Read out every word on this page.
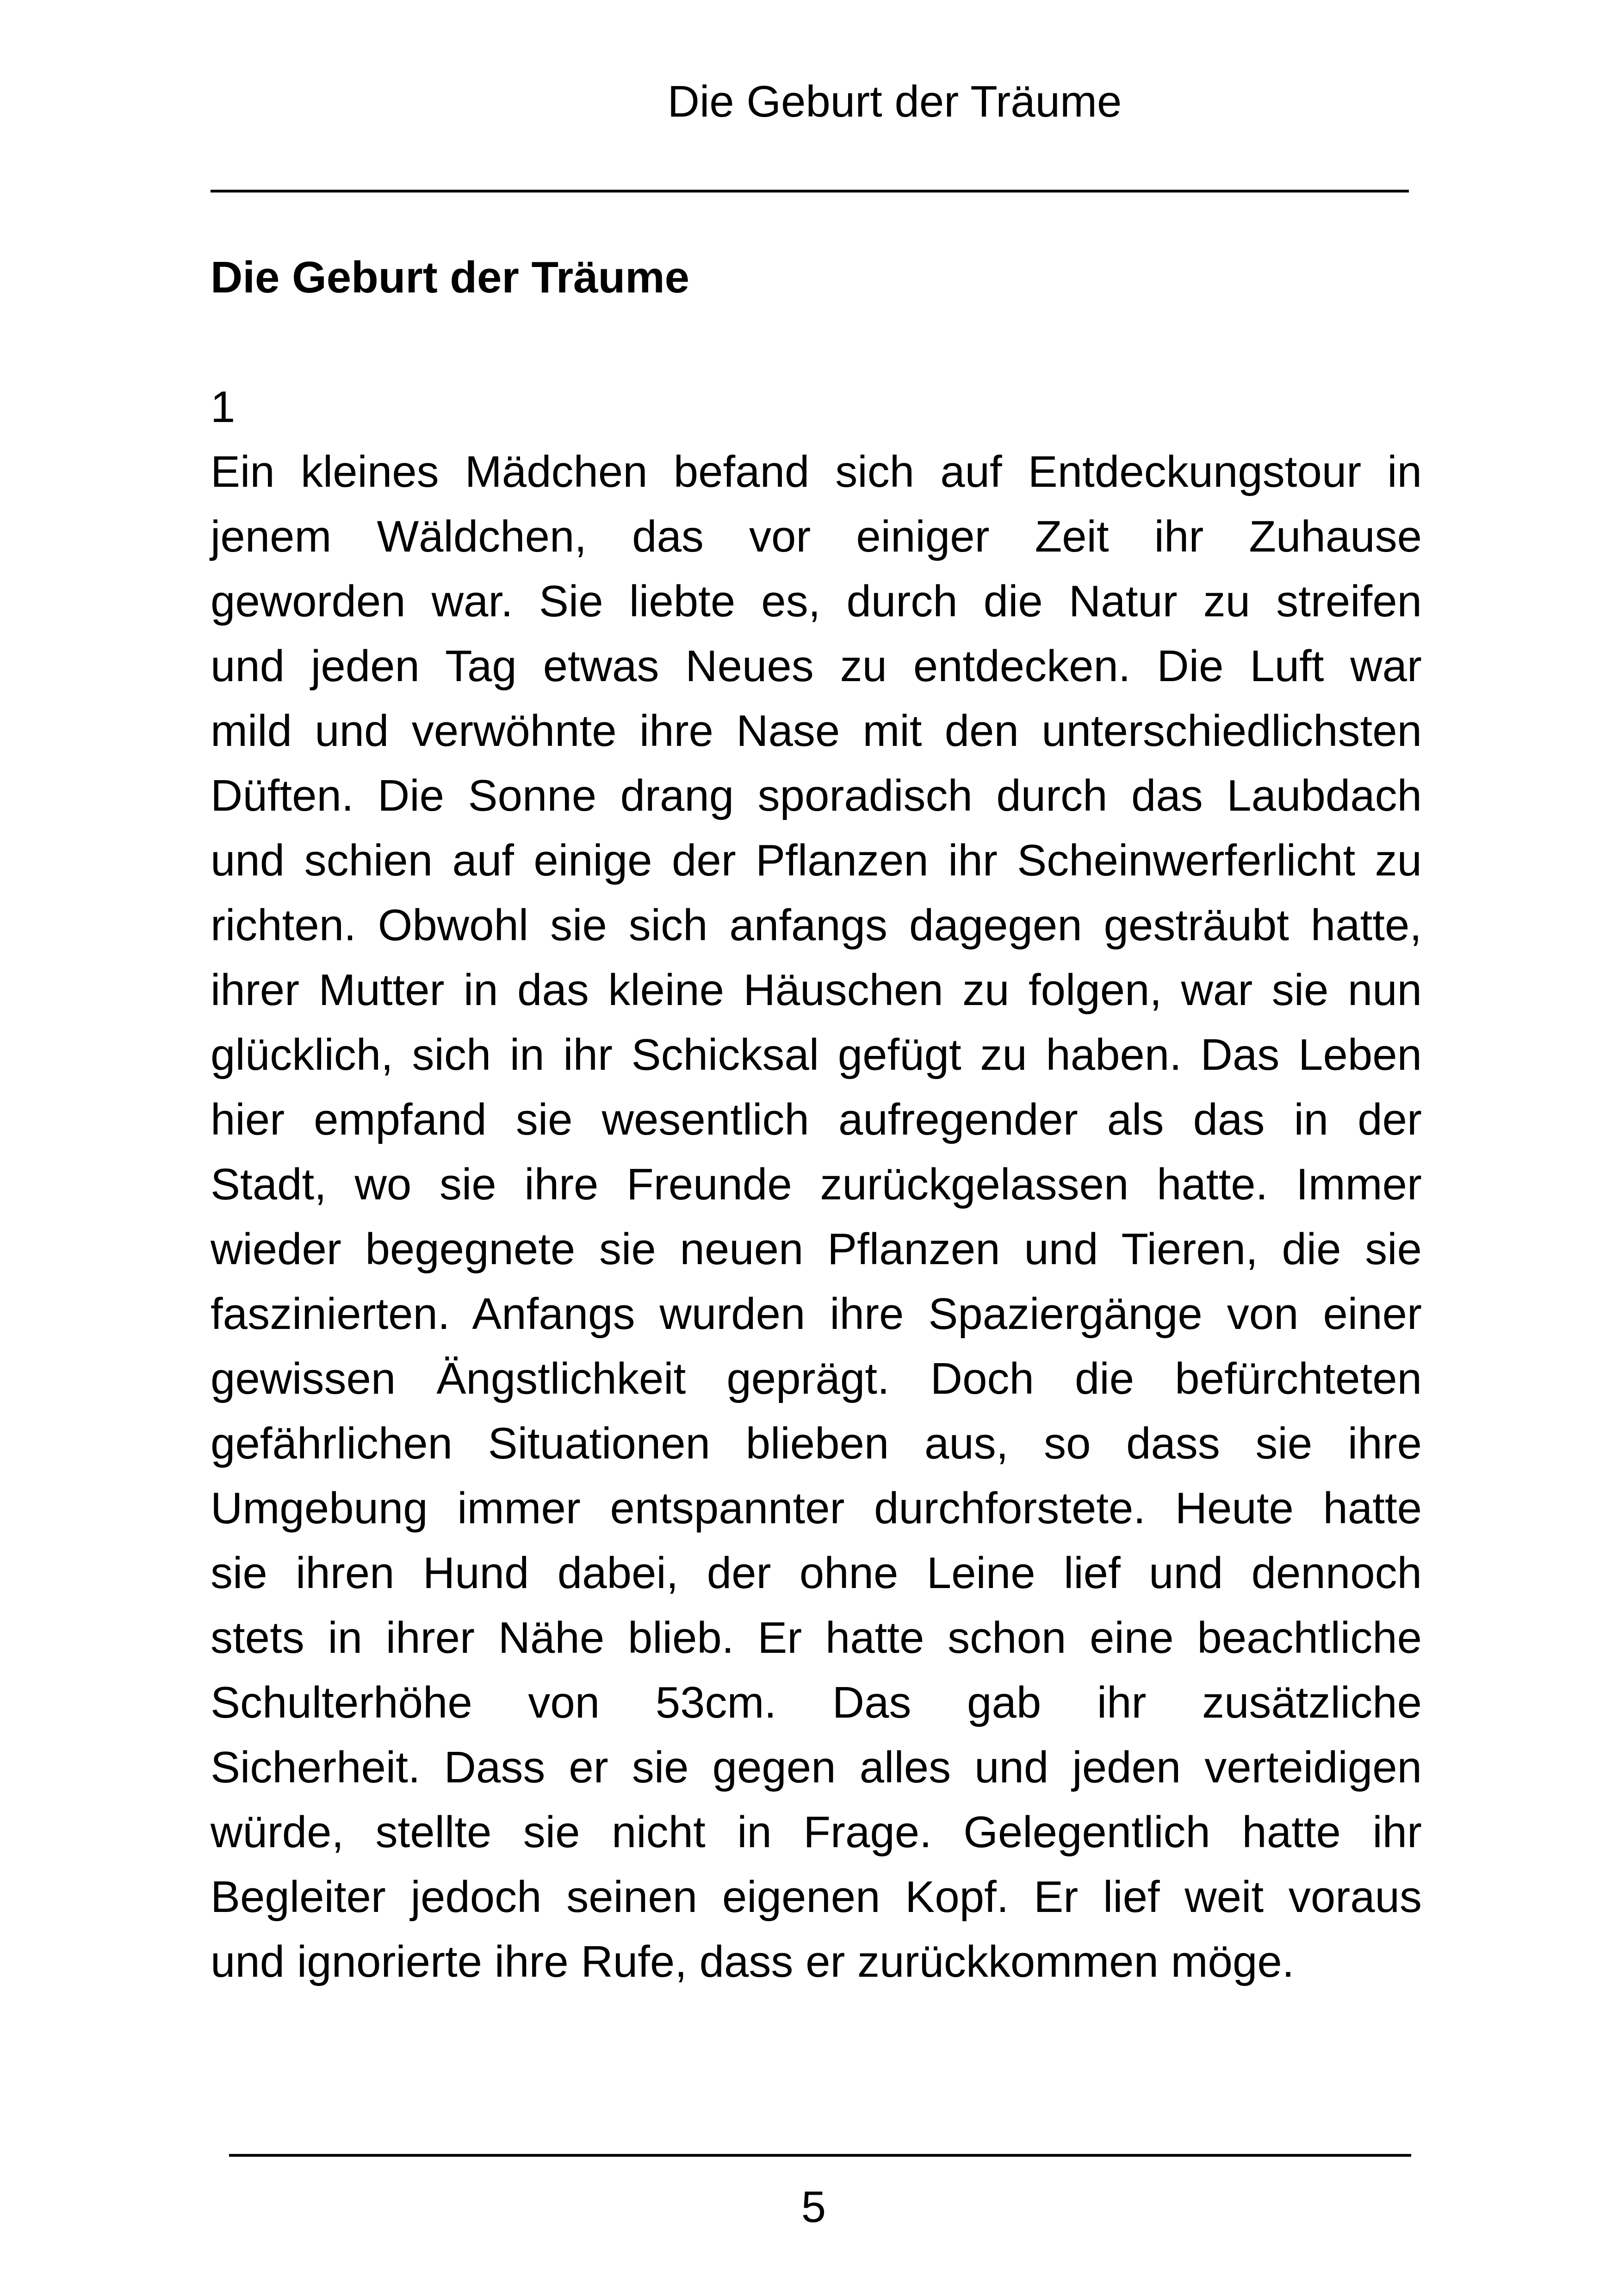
Die Geburt der Träume
Die Geburt der Träume
1
Ein kleines Mädchen befand sich auf Entdeckungstour in
jenem Wäldchen, das vor einiger Zeit ihr Zuhause
geworden war. Sie liebte es, durch die Natur zu streifen
und jeden Tag etwas Neues zu entdecken. Die Luft war
mild und verwöhnte ihre Nase mit den unterschiedlichsten
Düften. Die Sonne drang sporadisch durch das Laubdach
und schien auf einige der Pflanzen ihr Scheinwerferlicht zu
richten. Obwohl sie sich anfangs dagegen gesträubt hatte,
ihrer Mutter in das kleine Häuschen zu folgen, war sie nun
glücklich, sich in ihr Schicksal gefügt zu haben. Das Leben
hier empfand sie wesentlich aufregender als das in der
Stadt, wo sie ihre Freunde zurückgelassen hatte. Immer
wieder begegnete sie neuen Pflanzen und Tieren, die sie
faszinierten. Anfangs wurden ihre Spaziergänge von einer
gewissen Ängstlichkeit geprägt. Doch die befürchteten
gefährlichen Situationen blieben aus, so dass sie ihre
Umgebung immer entspannter durchforstete. Heute hatte
sie ihren Hund dabei, der ohne Leine lief und dennoch
stets in ihrer Nähe blieb. Er hatte schon eine beachtliche
Schulterhöhe von 53cm. Das gab ihr zusätzliche
Sicherheit. Dass er sie gegen alles und jeden verteidigen
würde, stellte sie nicht in Frage. Gelegentlich hatte ihr
Begleiter jedoch seinen eigenen Kopf. Er lief weit voraus
und ignorierte ihre Rufe, dass er zurückkommen möge.
5
